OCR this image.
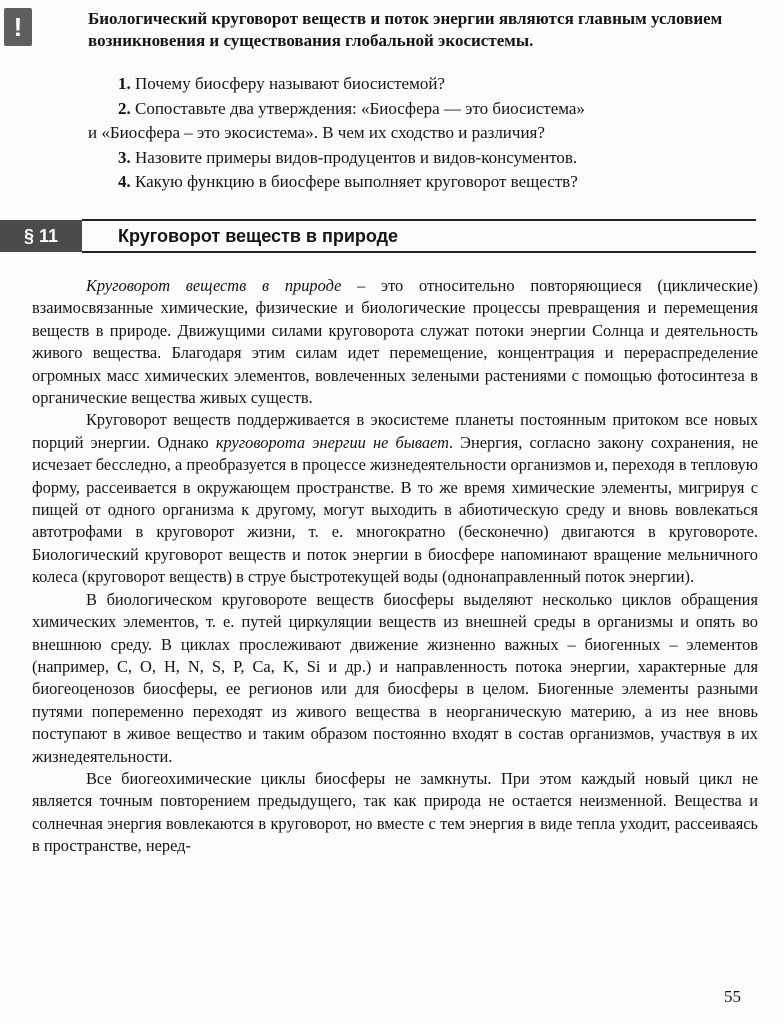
!	Биологический круговорот веществ и поток энергии являются главным условием возникновения и существования глобальной экосистемы.

1. Почему биосферу называют биосистемой?

2. Сопоставьте два утверждения: «Биосфера — это биосистема»

и «Биосфера – это экосистема». В чем их сходство и различия?

3. Назовите примеры видов-продуцентов и видов-консументов.

4. Какую функцию в биосфере выполняет круговорот веществ?

§ 11	Круговорот веществ в природе

Круговорот веществ в природе – это относительно повторяющиеся (циклические) взаимосвязанные химические, физические и биологические процессы превращения и перемещения веществ в природе. Движущими силами круговорота служат потоки энергии Солнца и деятельность живого вещества. Благодаря этим силам идет перемещение, концентрация и перераспределение огромных масс химических элементов, вовлеченных зелеными растениями с помощью фотосинтеза в органические вещества живых существ.

Круговорот веществ поддерживается в экосистеме планеты постоянным притоком все новых порций энергии. Однако круговорота энергии не бывает. Энергия, согласно закону сохранения, не исчезает бесследно, а преобразуется в процессе жизнедеятельности организмов и, переходя в тепловую форму, рассеивается в окружающем пространстве. В то же время химические элементы, мигрируя с пищей от одного организма к другому, могут выходить в абиотическую среду и вновь вовлекаться автотрофами в круговорот жизни, т. е. многократно (бесконечно) двигаются в круговороте. Биологический круговорот веществ и поток энергии в биосфере напоминают вращение мельничного колеса (круговорот веществ) в струе быстротекущей воды (однонаправленный поток энергии).

В биологическом круговороте веществ биосферы выделяют несколько циклов обращения химических элементов, т. е. путей циркуляции веществ из внешней среды в организмы и опять во внешнюю среду. В циклах прослеживают движение жизненно важных – биогенных – элементов (например, С, О, Н, N, S, P, Ca, K, Si и др.) и направленность потока энергии, характерные для биогеоценозов биосферы, ее регионов или для биосферы в целом. Биогенные элементы разными путями попеременно переходят из живого вещества в неорганическую материю, а из нее вновь поступают в живое вещество и таким образом постоянно входят в состав организмов, участвуя в их жизнедеятельности.

Все биогеохимические циклы биосферы не замкнуты. При этом каждый новый цикл не является точным повторением предыдущего, так как природа не остается неизменной. Вещества и солнечная энергия вовлекаются в круговорот, но вместе с тем энергия в виде тепла уходит, рассеиваясь в пространстве, неред-

55
